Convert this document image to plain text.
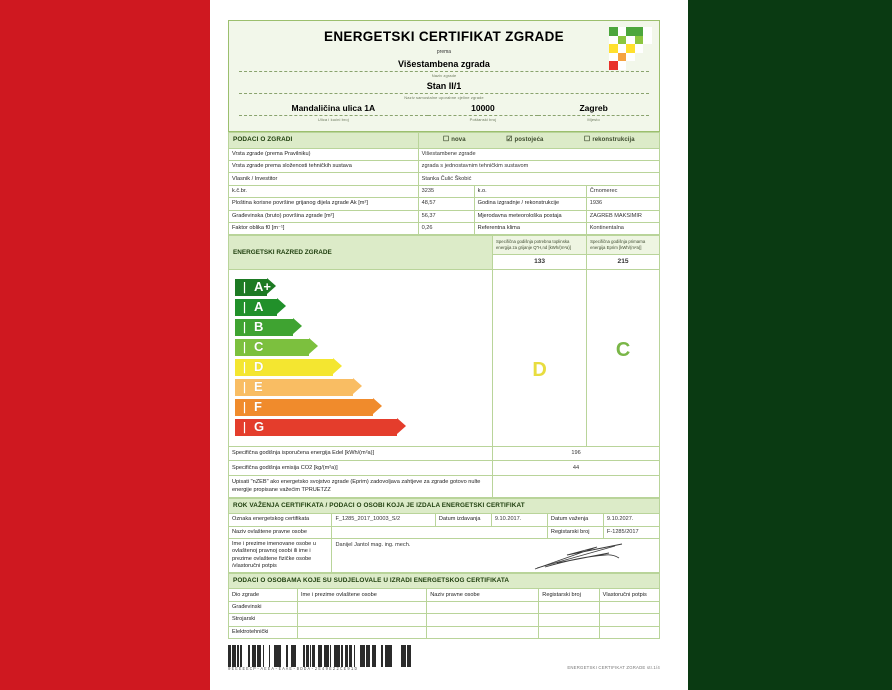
ENERGETSKI CERTIFIKAT ZGRADE
prema
Višestambena zgrada
Naziv zgrade
Stan II/1
Naziv samostalne uporabne cjeline zgrade
Mandaličina ulica 1A
Ulica i kućni broj
10000
Poštanski broj
Zagreb
Mjesto
PODACI O ZGRADI	☐ nova ☑ postojeća ☐ rekonstrukcija		

Vrsta zgrade (prema Pravilniku)	Višestambene zgrade		
Vrsta zgrade prema složenosti tehničkih sustava	zgrada s jednostavnim tehničkim sustavom		
Vlasnik / Investitor	Stanka Čulić Škobić		
k.č.br.	3235	k.o.	Črnomerec
Ploština korisne površine grijanog dijela zgrade Ak [m²]	48,57	Godina izgradnje / rekonstrukcije	1936
Građevinska (bruto) površina zgrade [m²]	56,37	Mjerodavna meteorološka postaja	ZAGREB MAKSIMIR
Faktor oblika f0 [m⁻¹]	0,26	Referentna klima	Kontinentalna
ENERGETSKI RAZRED ZGRADE	Specifična godišnja potrebna toplinska energija za grijanje Q"H,nd [kWh/(m²a)]	Specifična godišnja primarna energija Eprim [kWh/(m²a)]
	133	215

A+
A
B
C
D
E
F
G

D

C

Specifična godišnja isporučena energija Edel [kWh/(m²a)]	196	
Specifična godišnja emisija CO2 [kg/(m²a)]	44	
Upisati "nZEB" ako energetsko svojstvo zgrade (Eprim) zadovoljava zahtjeve za zgrade gotovo nulte energije propisane važećim TPRUETZZ		
ROK VAŽENJA CERTIFIKATA / PODACI O OSOBI KOJA JE IZDALA ENERGETSKI CERTIFIKAT					
Oznaka energetskog certifikata	F_1285_2017_10003_S/2	Datum izdavanja	9.10.2017.	Datum važenja	9.10.2027.
Naziv ovlaštene pravne osobe				Registarski broj	F-1285/2017
Ime i prezime imenovane osobe u ovlaštenoj pravnoj osobi ili ime i prezime ovlaštene fizičke osobe /vlastoručni potpis	Danijel Jantol mag. ing. mech.				
PODACI O OSOBAMA KOJE SU SUDJELOVALE U IZRADI ENERGETSKOG CERTIFIKATA				
Dio zgrade	Ime i prezime ovlaštene osobe	Naziv pravne osobe	Registarski broj	Vlastoručni potpis
Građevinski				
Strojarski				
Elektrotehnički				
0EEEEECP-AEEA-EAAE-BDDA-2E49E22CE91D	ENERGETSKI CERTIFIKAT ZGRADE str.1/4
